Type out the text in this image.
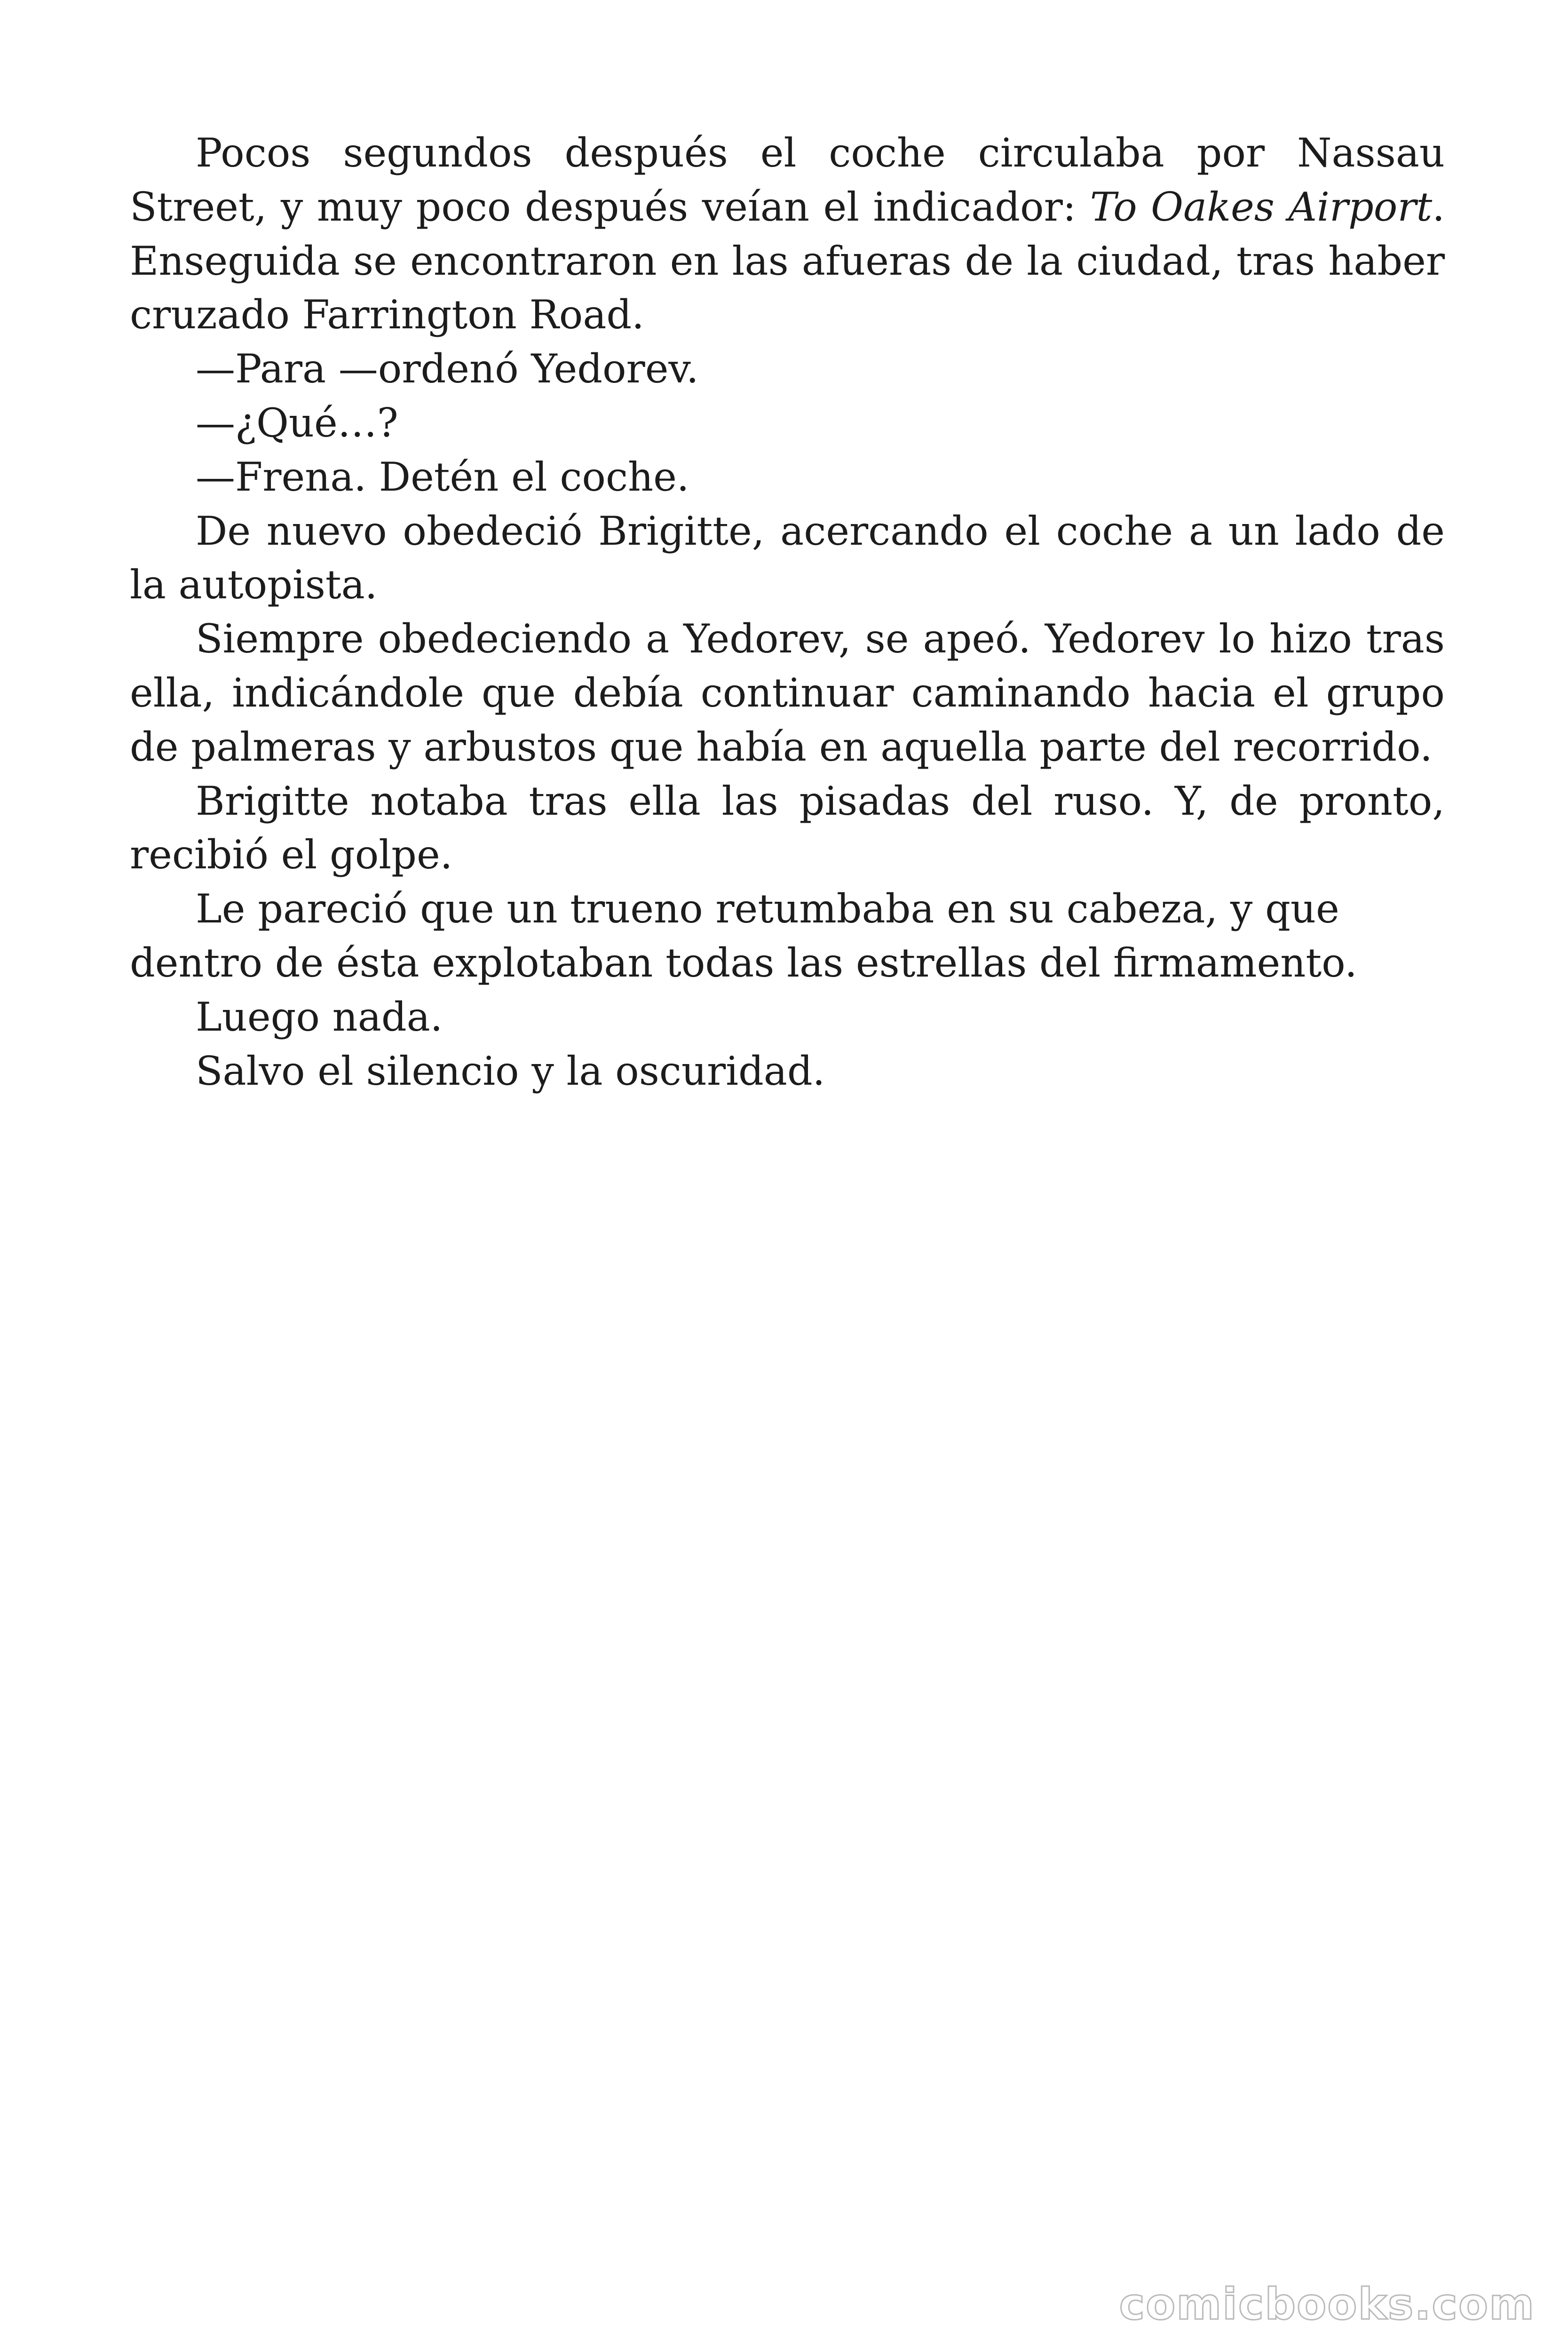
Pocos segundos después el coche circulaba por Nassau Street, y muy poco después veían el indicador: To Oakes Airport. Enseguida se encontraron en las afueras de la ciudad, tras haber cruzado Farrington Road.

—Para —ordenó Yedorev.

—¿Qué…?

—Frena. Detén el coche.

De nuevo obedeció Brigitte, acercando el coche a un lado de la autopista.

Siempre obedeciendo a Yedorev, se apeó. Yedorev lo hizo tras ella, indicándole que debía continuar caminando hacia el grupo de palmeras y arbustos que había en aquella parte del recorrido.

Brigitte notaba tras ella las pisadas del ruso. Y, de pronto, recibió el golpe.

Le pareció que un trueno retumbaba en su cabeza, y que dentro de ésta explotaban todas las estrellas del firmamento.

Luego nada.

Salvo el silencio y la oscuridad.

comicbooks.com
